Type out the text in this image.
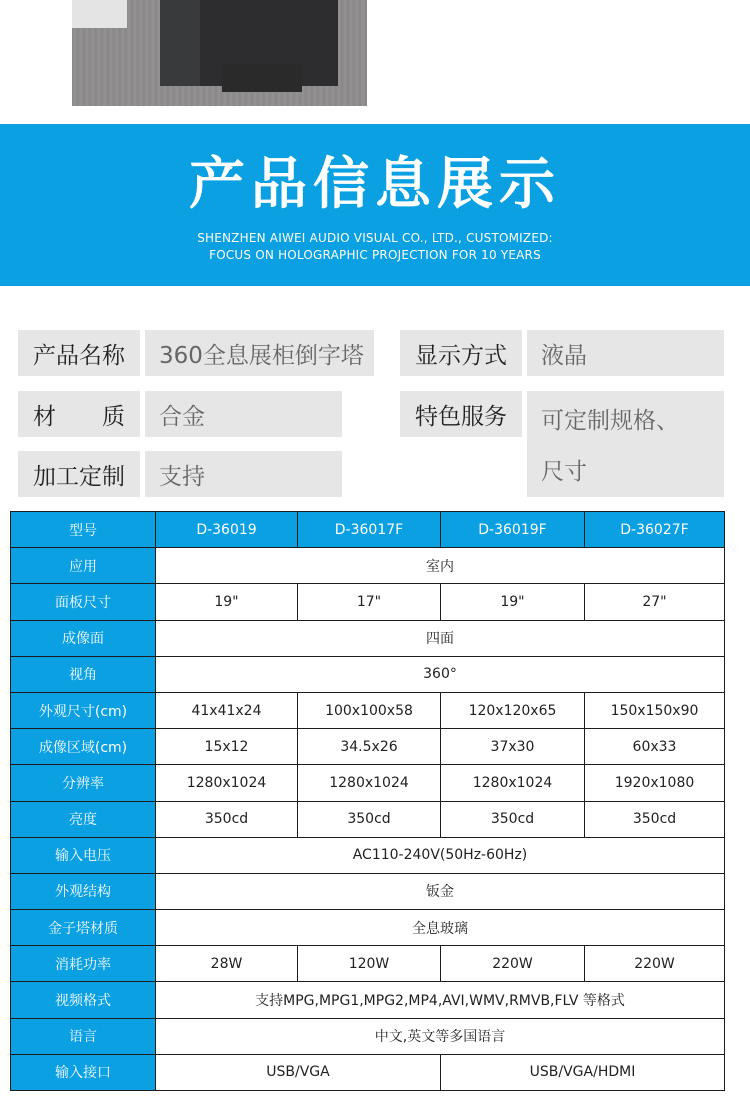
产品信息展示
SHENZHEN AIWEI AUDIO VISUAL CO., LTD., CUSTOMIZED:
FOCUS ON HOLOGRAPHIC PROJECTION FOR 10 YEARS
产品名称	360全息展柜倒字塔	显示方式	液晶
材　　质	合金	特色服务	可定制规格、
尺寸
加工定制	支持
型号	D-36019	D-36017F	D-36019F	D-36027F
应用	室内			
面板尺寸	19"	17"	19"	27"
成像面	四面			
视角	360°			
外观尺寸(cm)	41x41x24	100x100x58	120x120x65	150x150x90
成像区域(cm)	15x12	34.5x26	37x30	60x33
分辨率	1280x1024	1280x1024	1280x1024	1920x1080
亮度	350cd	350cd	350cd	350cd
输入电压	AC110-240V(50Hz-60Hz)			
外观结构	钣金			
金子塔材质	全息玻璃			
消耗功率	28W	120W	220W	220W
视频格式	支持MPG,MPG1,MPG2,MP4,AVI,WMV,RMVB,FLV 等格式			
语言	中文,英文等多国语言			
输入接口	USB/VGA		USB/VGA/HDMI	
